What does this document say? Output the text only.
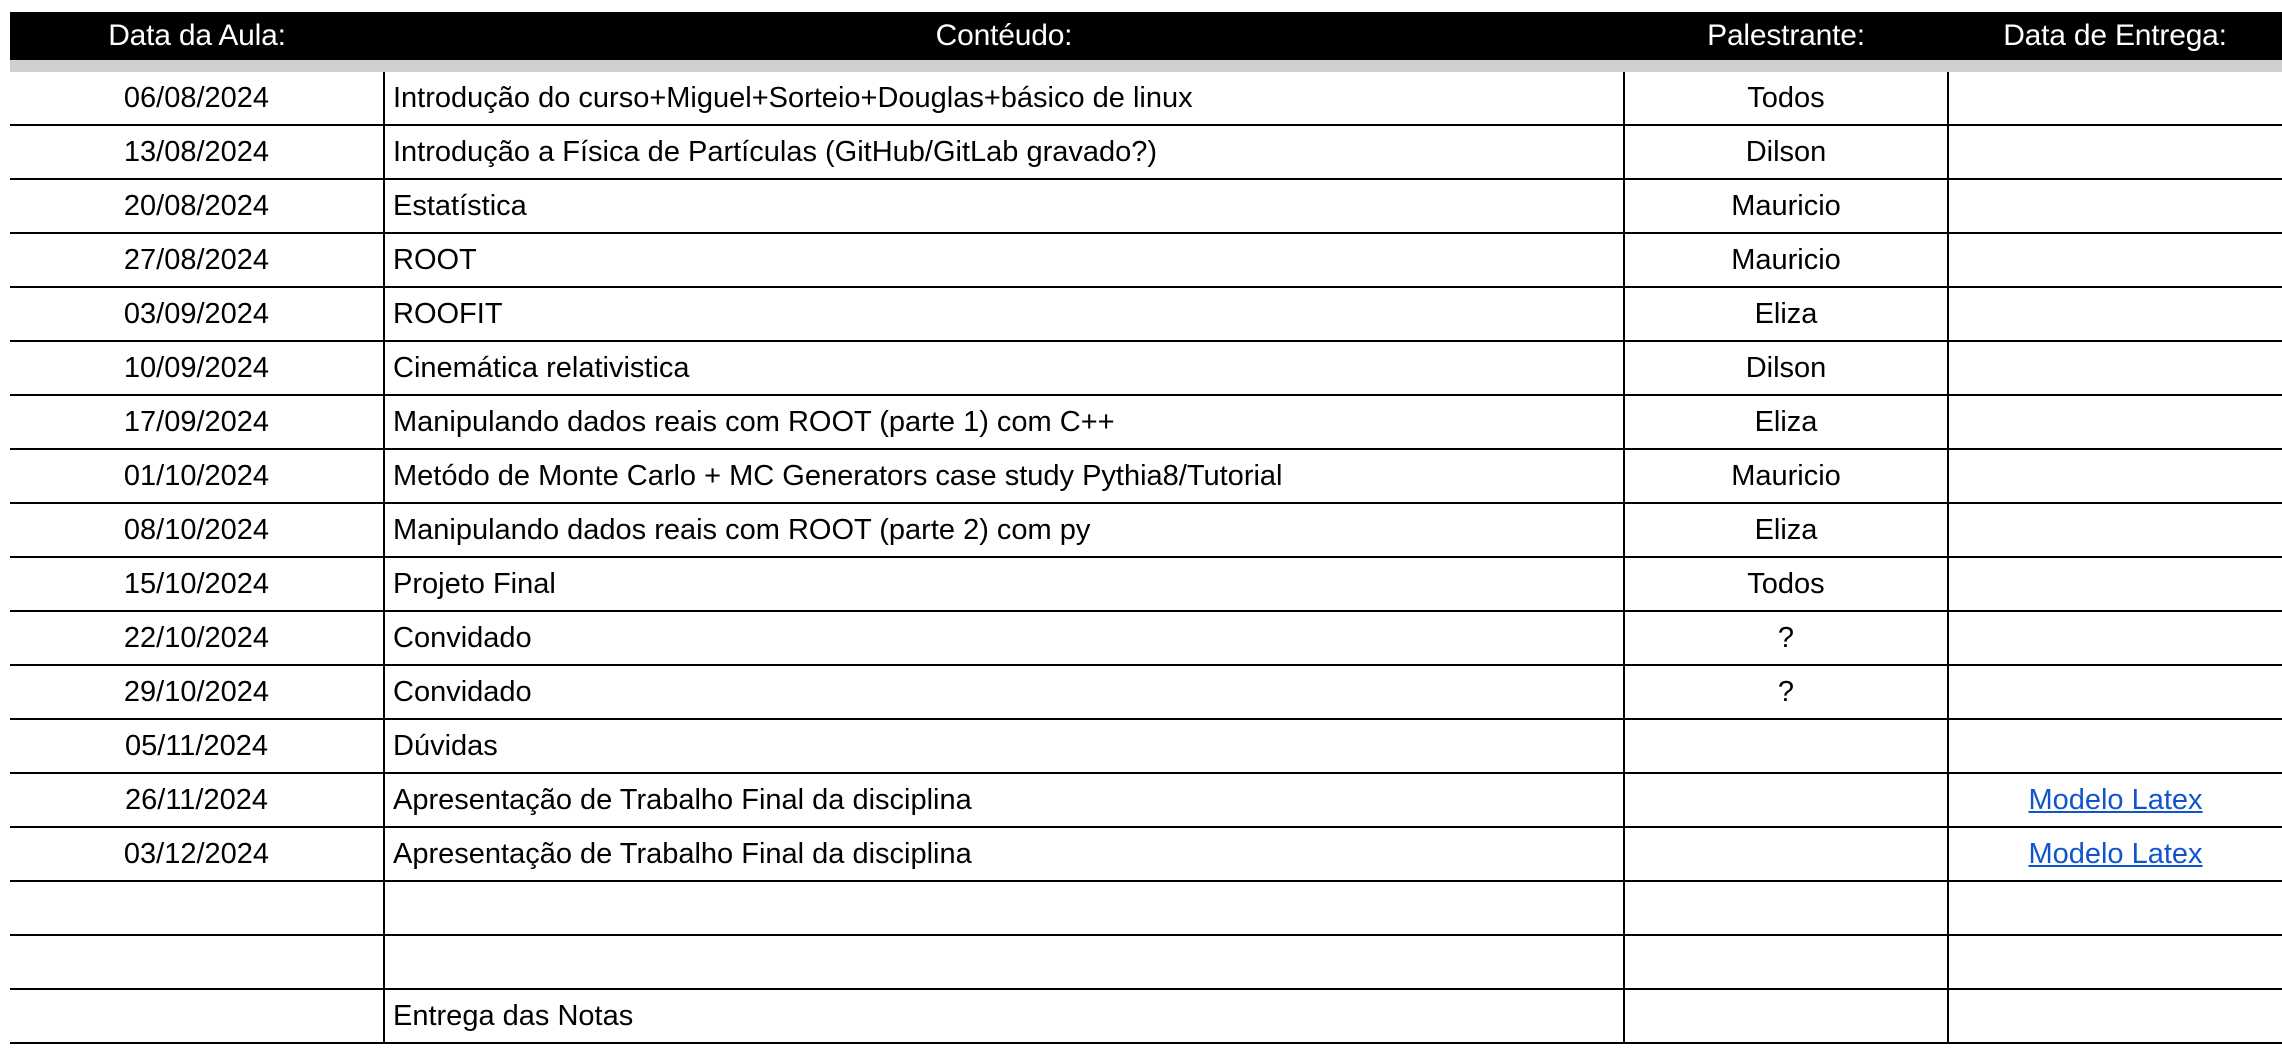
Data da Aula:	Contéudo:	Palestrante:	Data de Entrega:
06/08/2024	Introdução do curso+Miguel+Sorteio+Douglas+básico de linux	Todos	
13/08/2024	Introdução a Física de Partículas (GitHub/GitLab gravado?)	Dilson	
20/08/2024	Estatística	Mauricio	
27/08/2024	ROOT	Mauricio	
03/09/2024	ROOFIT	Eliza	
10/09/2024	Cinemática relativistica	Dilson	
17/09/2024	Manipulando dados reais com ROOT (parte 1) com C++	Eliza	
01/10/2024	Metódo de Monte Carlo + MC Generators case study Pythia8/Tutorial	Mauricio	
08/10/2024	Manipulando dados reais com ROOT (parte 2) com py	Eliza	
15/10/2024	Projeto Final	Todos	
22/10/2024	Convidado	?	
29/10/2024	Convidado	?	
05/11/2024	Dúvidas		
26/11/2024	Apresentação de Trabalho Final da disciplina		Modelo Latex
03/12/2024	Apresentação de Trabalho Final da disciplina		Modelo Latex

	Entrega das Notas		
